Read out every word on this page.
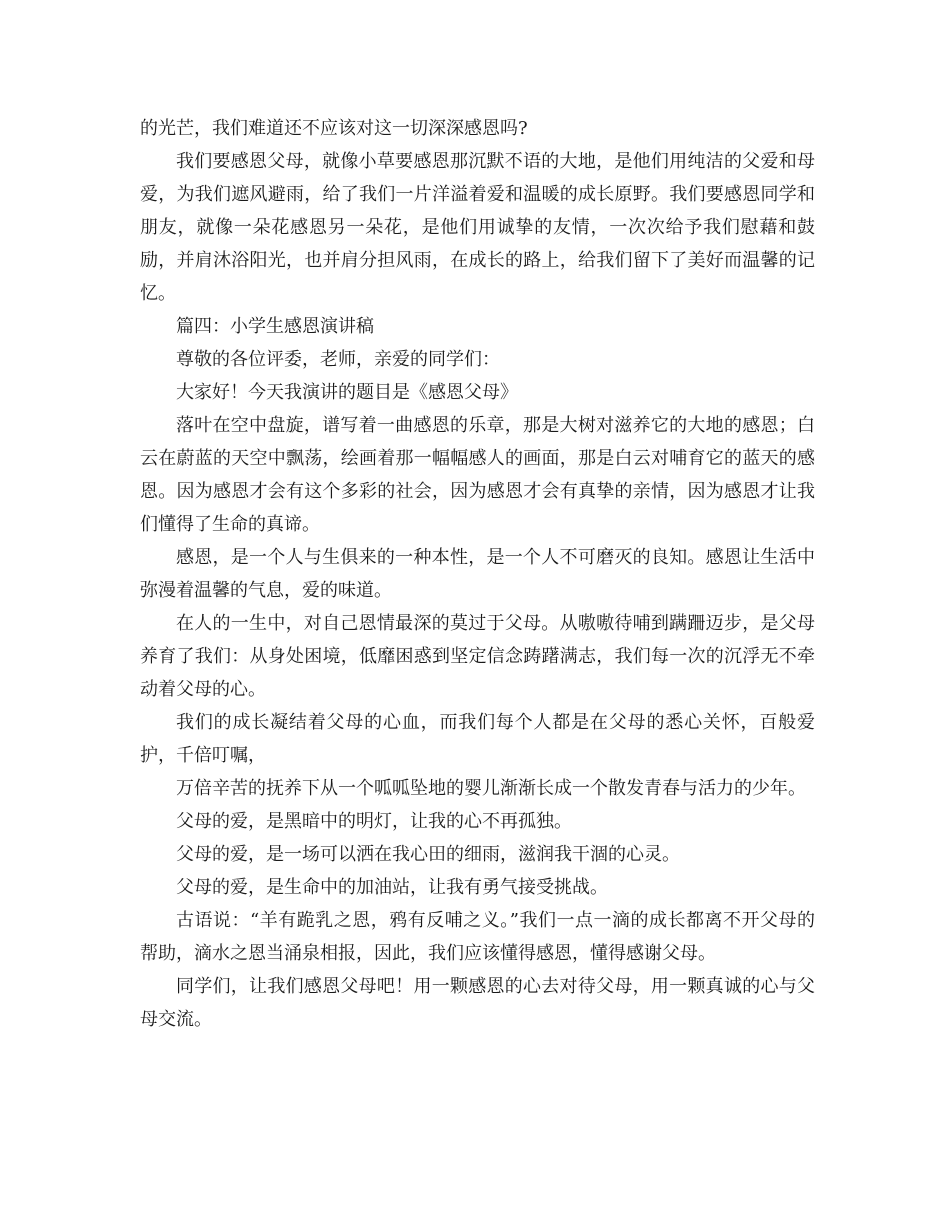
的光芒，我们难道还不应该对这一切深深感恩吗?

我们要感恩父母，就像小草要感恩那沉默不语的大地，是他们用纯洁的父爱和母爱，为我们遮风避雨，给了我们一片洋溢着爱和温暖的成长原野。我们要感恩同学和朋友，就像一朵花感恩另一朵花，是他们用诚挚的友情，一次次给予我们慰藉和鼓励，并肩沐浴阳光，也并肩分担风雨，在成长的路上，给我们留下了美好而温馨的记忆。

篇四：小学生感恩演讲稿

尊敬的各位评委，老师，亲爱的同学们：

大家好！今天我演讲的题目是《感恩父母》

落叶在空中盘旋，谱写着一曲感恩的乐章，那是大树对滋养它的大地的感恩；白云在蔚蓝的天空中飘荡，绘画着那一幅幅感人的画面，那是白云对哺育它的蓝天的感恩。因为感恩才会有这个多彩的社会，因为感恩才会有真挚的亲情，因为感恩才让我们懂得了生命的真谛。

感恩，是一个人与生俱来的一种本性，是一个人不可磨灭的良知。感恩让生活中弥漫着温馨的气息，爱的味道。

在人的一生中，对自己恩情最深的莫过于父母。从嗷嗷待哺到蹒跚迈步，是父母养育了我们：从身处困境，低靡困惑到坚定信念踌躇满志，我们每一次的沉浮无不牵动着父母的心。

我们的成长凝结着父母的心血，而我们每个人都是在父母的悉心关怀，百般爱护，千倍叮嘱，

万倍辛苦的抚养下从一个呱呱坠地的婴儿渐渐长成一个散发青春与活力的少年。

父母的爱，是黑暗中的明灯，让我的心不再孤独。

父母的爱，是一场可以洒在我心田的细雨，滋润我干涸的心灵。

父母的爱，是生命中的加油站，让我有勇气接受挑战。

古语说：“羊有跪乳之恩，鸦有反哺之义。”我们一点一滴的成长都离不开父母的帮助，滴水之恩当涌泉相报，因此，我们应该懂得感恩，懂得感谢父母。

同学们，让我们感恩父母吧！用一颗感恩的心去对待父母，用一颗真诚的心与父母交流。
